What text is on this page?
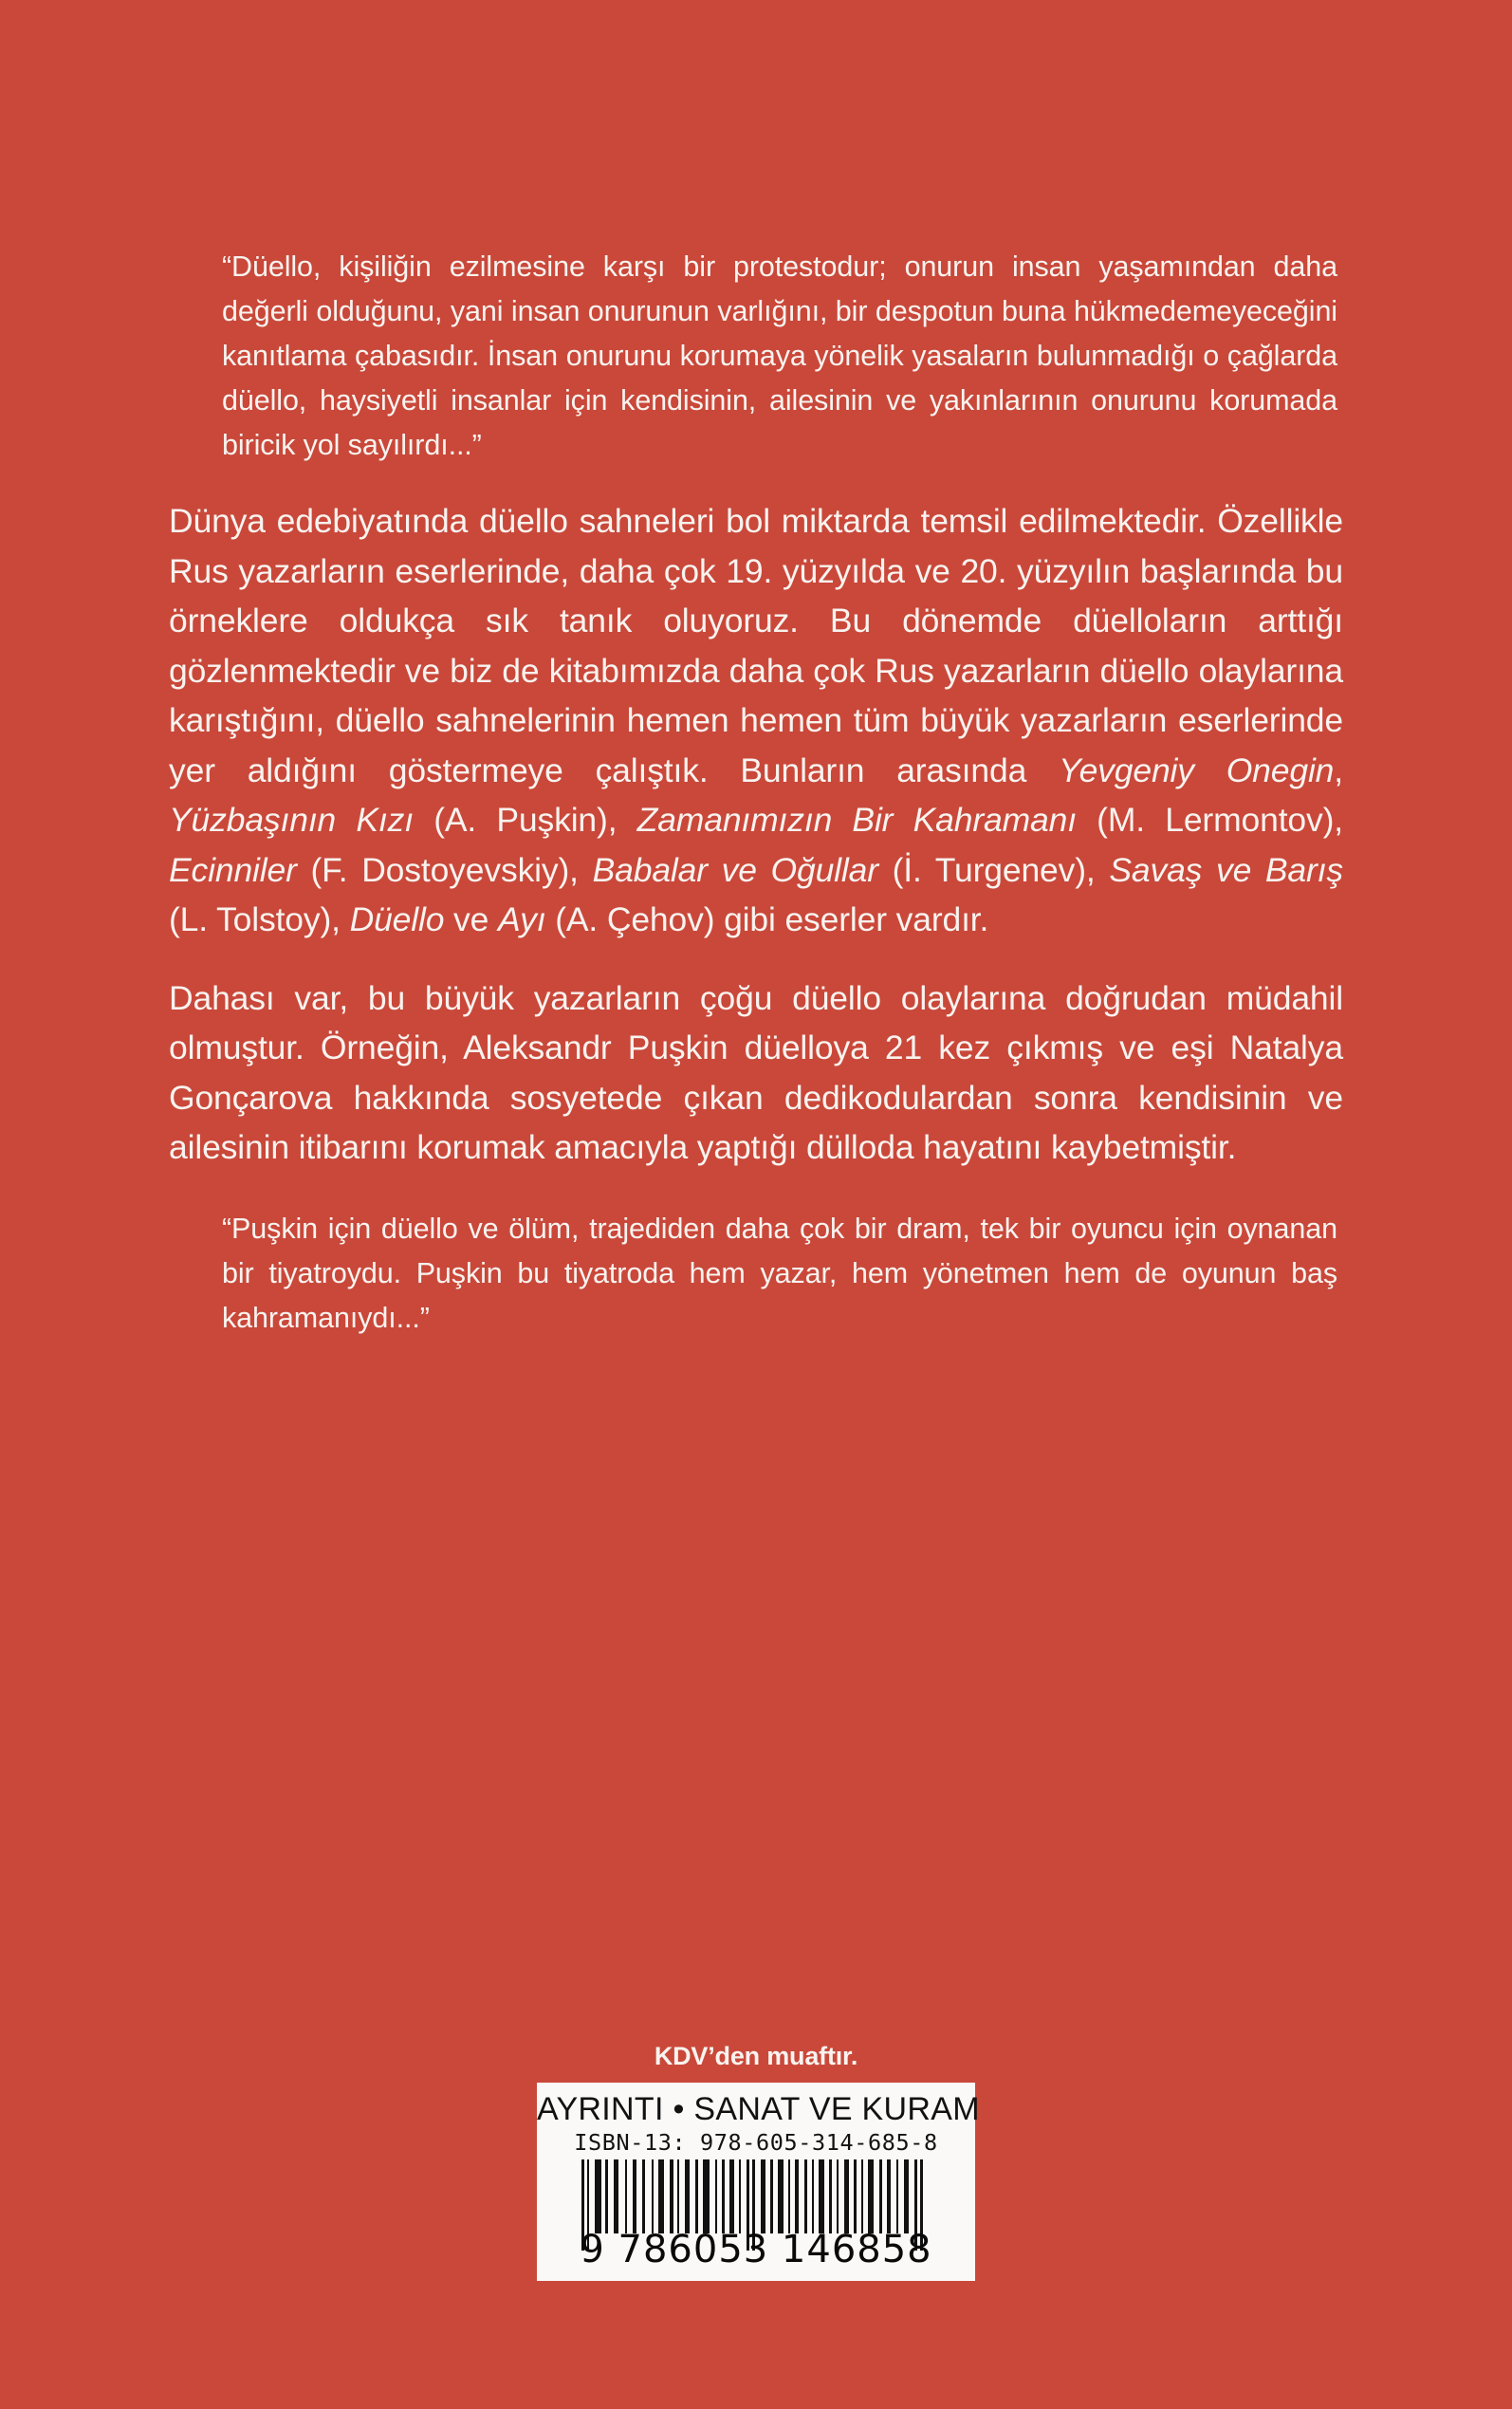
“Düello, kişiliğin ezilmesine karşı bir protestodur; onurun insan yaşamından daha değerli olduğunu, yani insan onurunun varlığını, bir despotun buna hükmedemeyeceğini kanıtlama çabasıdır. İnsan onurunu korumaya yönelik yasaların bulunmadığı o çağlarda düello, haysiyetli insanlar için kendisinin, ailesinin ve yakınlarının onurunu korumada biricik yol sayılırdı...”

Dünya edebiyatında düello sahneleri bol miktarda temsil edilmektedir. Özellikle Rus yazarların eserlerinde, daha çok 19. yüzyılda ve 20. yüzyılın başlarında bu örneklere oldukça sık tanık oluyoruz. Bu dönemde düelloların arttığı gözlenmektedir ve biz de kitabımızda daha çok Rus yazarların düello olaylarına karıştığını, düello sahnelerinin hemen hemen tüm büyük yazarların eserlerinde yer aldığını göstermeye çalıştık. Bunların arasında Yevgeniy Onegin, Yüzbaşının Kızı (A. Puşkin), Zamanımızın Bir Kahramanı (M. Lermontov), Ecinniler (F. Dostoyevskiy), Babalar ve Oğullar (İ. Turgenev), Savaş ve Barış (L. Tolstoy), Düello ve Ayı (A. Çehov) gibi eserler vardır.

Dahası var, bu büyük yazarların çoğu düello olaylarına doğrudan müdahil olmuştur. Örneğin, Aleksandr Puşkin düelloya 21 kez çıkmış ve eşi Natalya Gonçarova hakkında sosyetede çıkan dedikodulardan sonra kendisinin ve ailesinin itibarını korumak amacıyla yaptığı dülloda hayatını kaybetmiştir.

“Puşkin için düello ve ölüm, trajediden daha çok bir dram, tek bir oyuncu için oynanan bir tiyatroydu. Puşkin bu tiyatroda hem yazar, hem yönetmen hem de oyunun baş kahramanıydı...”

KDV’den muaftır.
AYRINTI • SANAT VE KURAM
ISBN-13: 978-605-314-685-8
9 786053 146858
